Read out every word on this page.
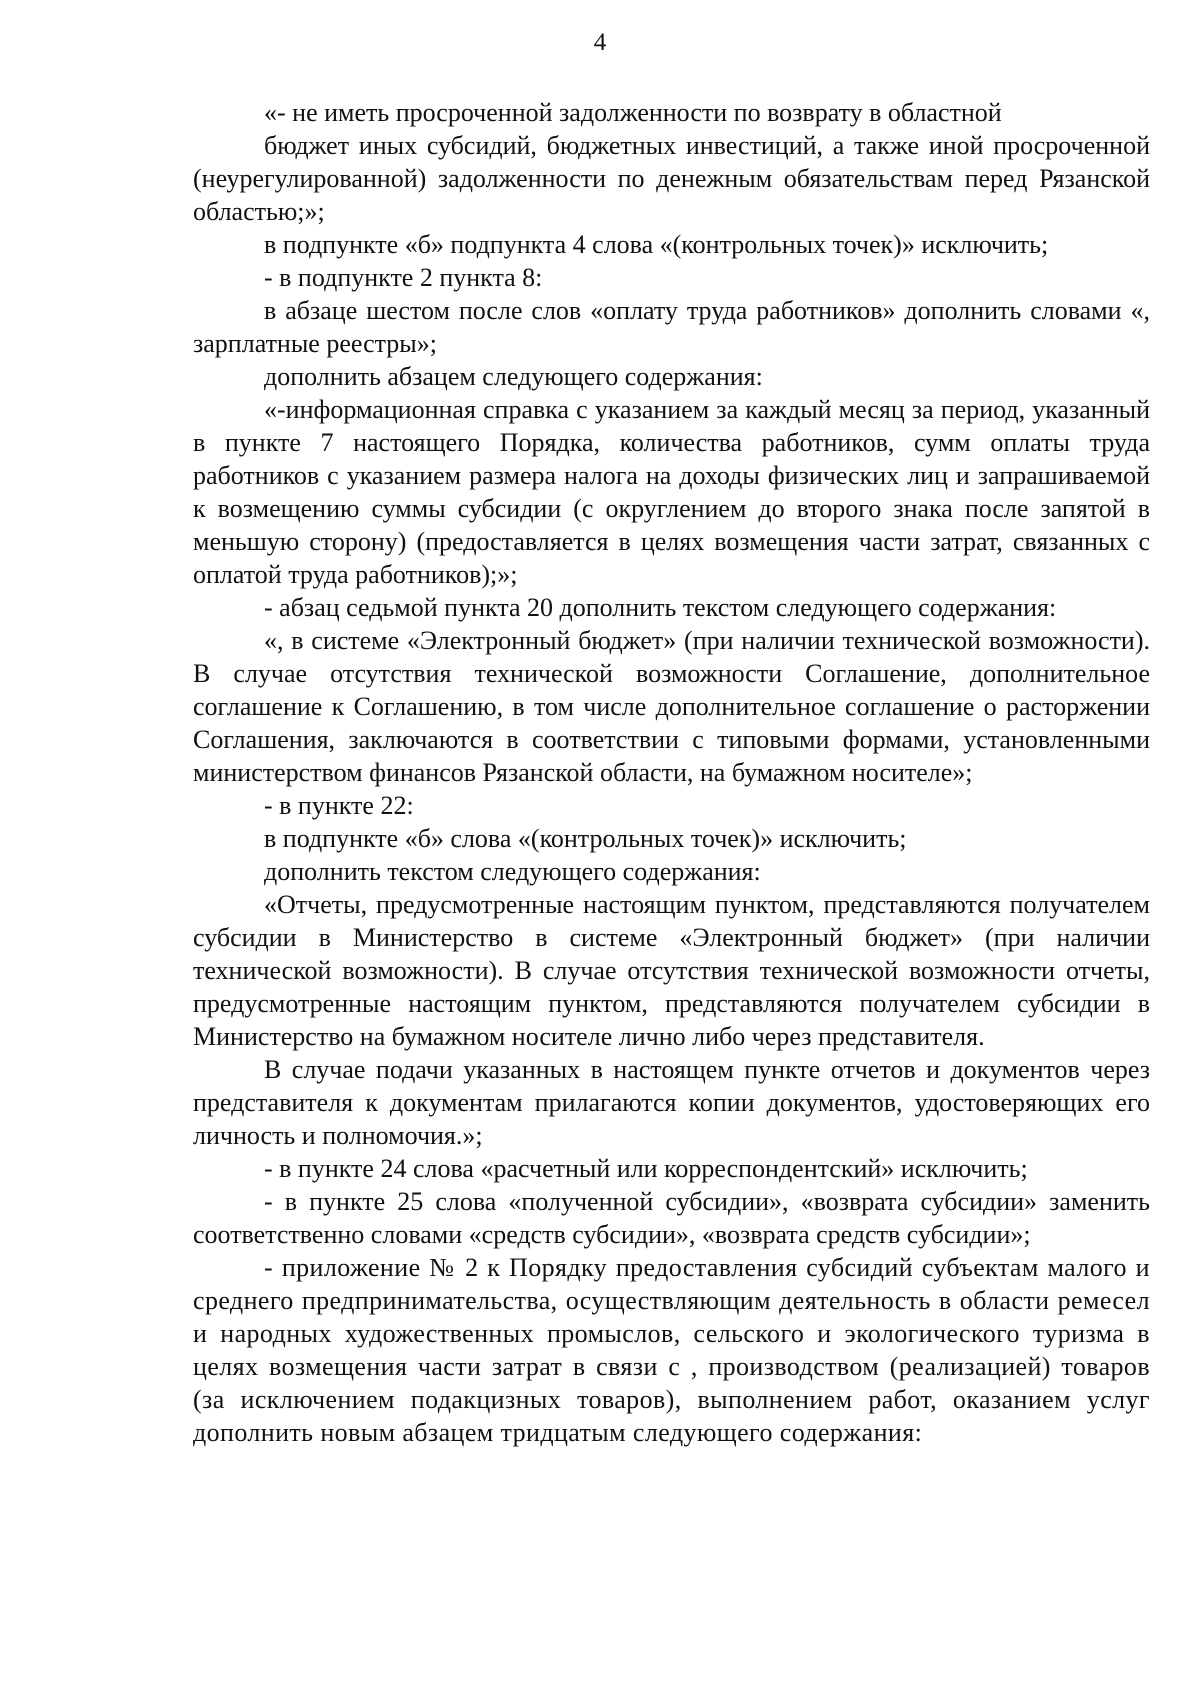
4

«- не иметь просроченной задолженности по возврату в областной

бюджет иных субсидий, бюджетных инвестиций, а также иной просроченной (неурегулированной) задолженности по денежным обязательствам перед Рязанской областью;»;

в подпункте «б» подпункта 4 слова «(контрольных точек)» исключить;

- в подпункте 2 пункта 8:

в абзаце шестом после слов «оплату труда работников» дополнить словами «, зарплатные реестры»;

дополнить абзацем следующего содержания:

«-информационная справка с указанием за каждый месяц за период, указанный в пункте 7 настоящего Порядка, количества работников, сумм оплаты труда работников с указанием размера налога на доходы физических лиц и запрашиваемой к возмещению суммы субсидии (с округлением до второго знака после запятой в меньшую сторону) (предоставляется в целях возмещения части затрат, связанных с оплатой труда работников);»;

- абзац седьмой пункта 20 дополнить текстом следующего содержания:

«, в системе «Электронный бюджет» (при наличии технической возможности). В случае отсутствия технической возможности Соглашение, дополнительное соглашение к Соглашению, в том числе дополнительное соглашение о расторжении Соглашения, заключаются в соответствии с типовыми формами, установленными министерством финансов Рязанской области, на бумажном носителе»;

- в пункте 22:

в подпункте «б» слова «(контрольных точек)» исключить;

дополнить текстом следующего содержания:

«Отчеты, предусмотренные настоящим пунктом, представляются получателем субсидии в Министерство в системе «Электронный бюджет» (при наличии технической возможности). В случае отсутствия технической возможности отчеты, предусмотренные настоящим пунктом, представляются получателем субсидии в Министерство на бумажном носителе лично либо через представителя.

В случае подачи указанных в настоящем пункте отчетов и документов через представителя к документам прилагаются копии документов, удостоверяющих его личность и полномочия.»;

- в пункте 24 слова «расчетный или корреспондентский» исключить;

- в пункте 25 слова «полученной субсидии», «возврата субсидии» заменить соответственно словами «средств субсидии», «возврата средств субсидии»;

- приложение № 2 к Порядку предоставления субсидий субъектам малого и среднего предпринимательства, осуществляющим деятельность в области ремесел и народных художественных промыслов, сельского и экологического туризма в целях возмещения части затрат в связи с , производством (реализацией) товаров (за исключением подакцизных товаров), выполнением работ, оказанием услуг дополнить новым абзацем тридцатым следующего содержания:
